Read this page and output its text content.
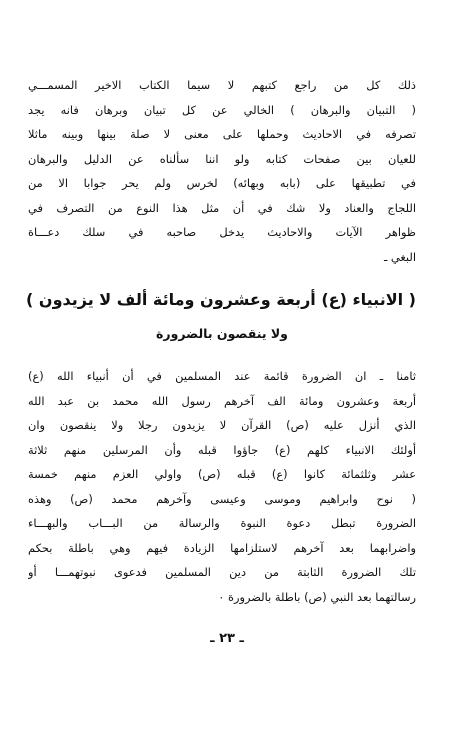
ذلك كل من راجع كتبهم لا سيما الكتاب الاخير المسمـــي
( التبيان والبرهان ) الخالي عن كل تبيان وبرهان فانه يجد
تصرفه في الاحاديث وحملها على معنى لا صلة بينها وبينه ماثلا
للعيان بين صفحات كتابه ولو اننا سألناه عن الدليل والبرهان
في تطبيقها على (بابه وبهائه) لخرس ولم يحر جوابا الا من
اللجاج والعناد ولا شك في أن مثل هذا النوع من التصرف في
ظواهر الآيات والاحاديث يدخل صاحبه في سلك دعـــاة
البغي ـ
( الانبياء (ع) أربعة وعشرون ومائة ألف لا يزيدون )
ولا ينقصون بالضرورة
ثامنا ـ ان الضرورة قائمة عند المسلمين في أن أنبياء الله (ع)
أربعة وعشرون ومائة الف آخرهم رسول الله محمد بن عبد الله
الذي أنزل عليه (ص) القرآن لا يزيدون رجلا ولا ينقصون وان
أولئك الانبياء كلهم (ع) جاؤوا قبله وأن المرسلين منهم ثلاثة
عشر وثلثمائة كانوا (ع) قبله (ص) واولي العزم منهم خمسة
( نوح وابراهيم وموسى وعيسى وآخرهم محمد (ص) وهذه
الضرورة تبطل دعوة النبوة والرسالة من البـــاب والبهـــاء
واضرابهما بعد آخرهم لاستلزامها الزيادة فيهم وهي باطلة بحكم
تلك الضرورة الثابتة من دين المسلمين فدعوى نبوتهمـــا أو
رسالتهما بعد النبي (ص) باطلة بالضرورة ٠
ـ ٢٣ ـ
